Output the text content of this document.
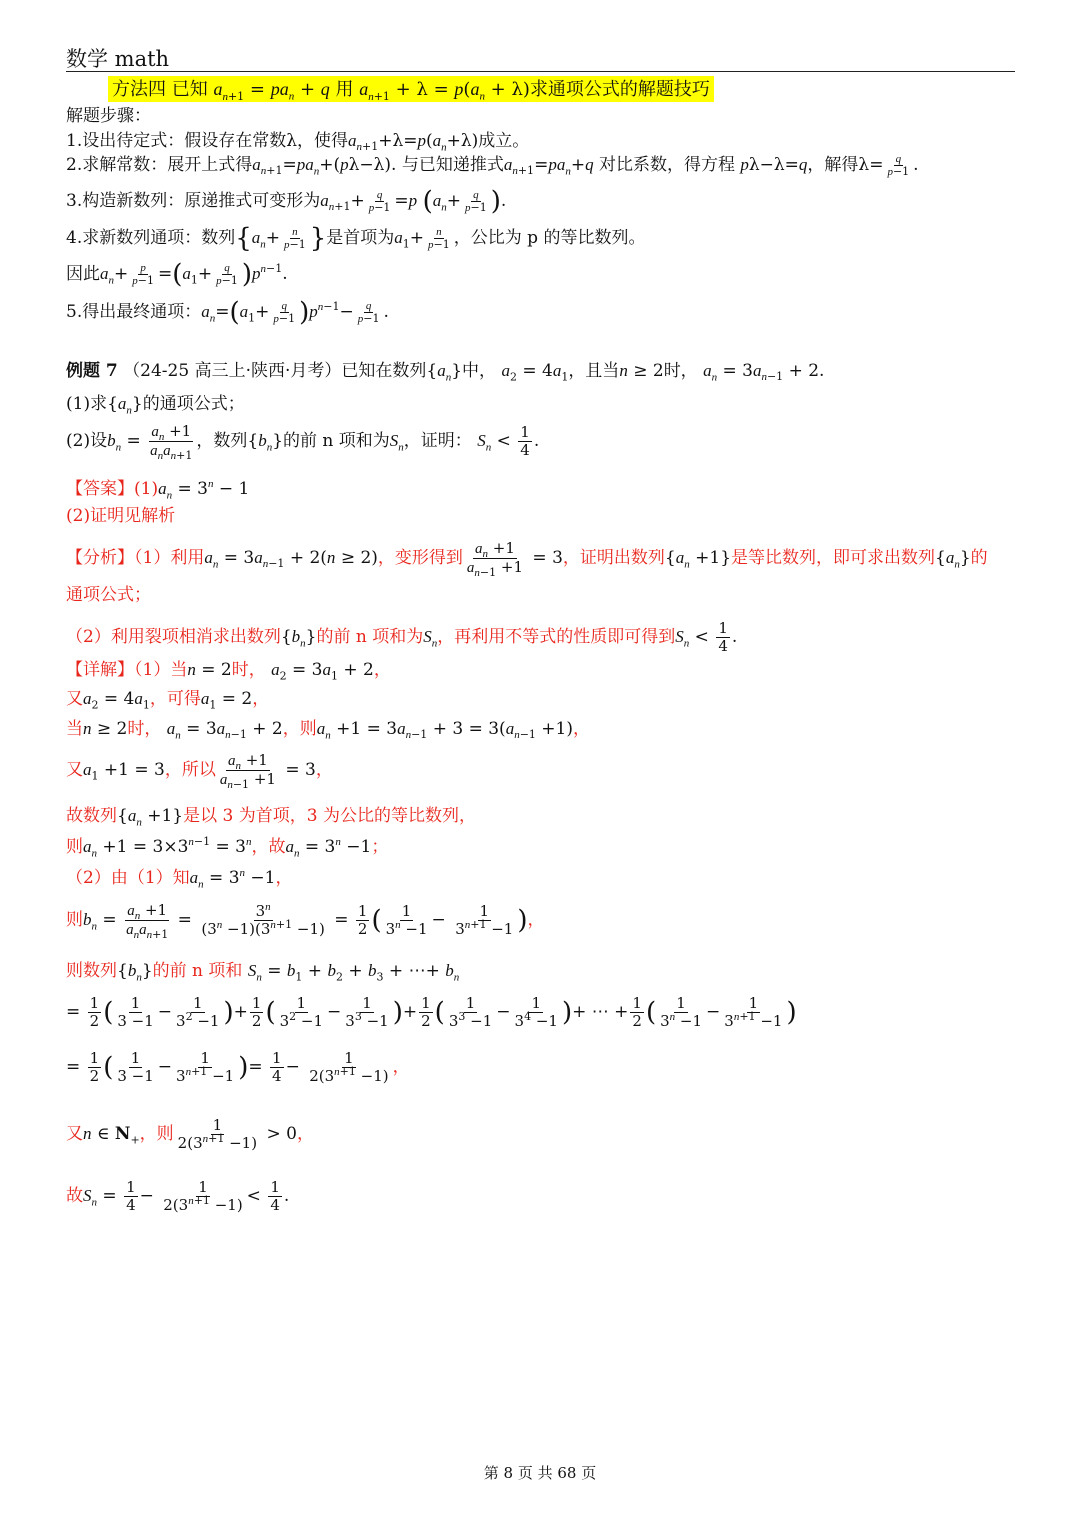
数学 math
方法四 已知 $a_{n+1} = pa_n + q$ 用 $a_{n+1} + \lambda = p(a_n + \lambda)$求通项公式的解题技巧
解题步骤：
1.设出待定式：假设存在常数λ，使得$a_{n+1}+\lambda=p(a_n+\lambda)$成立。
2.求解常数：展开上式得$a_{n+1}=pa_n+(p\lambda-\lambda)$. 与已知递推式$a_{n+1}=pa_n+q$ 对比系数，得方程 pλ−λ=q，解得$\lambda= \frac{q}{p-1}$ .
3.构造新数列：原递推式可变形为$a_{n+1}+ \frac{q}{p-1} =p$ ($a_n+ \frac{q}{p-1}$ ).
4.求新数列通项：数列{$a_n+ \frac{n}{p-1}$ }是首项为$a_1+ \frac{n}{p-1}$ ，公比为 p 的等比数列。
因此$a_n+ \frac{p}{p-1} =(a_1+ \frac{q}{p-1} )p^{n-1}$.
5.得出最终通项：$a_n=(a_1+ \frac{q}{p-1} )p^{n-1}- \frac{q}{p-1}$ .
例题 7 （24-25 高三上·陕西·月考）已知在数列$\{a_n\}$中， $a_2 = 4a_1$，且当n ≥ 2时， $a_n = 3a_{n-1} + 2$.
(1)求$\{a_n\}$的通项公式；
(2)设$b_n = \frac{a_n +1}{a_na_{n+1}}$ ，数列$\{b_n\}$的前 n 项和为$S_n$，证明： $S_n < \frac{1}{4}$ .
【答案】$(1)a_n = 3^n - 1$
(2)证明见解析
【分析】（1）利用$a_n = 3a_{n-1} + 2(n \ge 2)$，变形得到 $\frac{a_n +1}{a_{n-1} +1} = 3$，证明出数列$\{a_n +1\}$是等比数列，即可求出数列$\{a_n\}$的
通项公式；
（2）利用裂项相消求出数列$\{b_n\}$的前 n 项和为$S_n$，再利用不等式的性质即可得到$S_n < \frac{1}{4}$ .
【详解】（1）当n = 2时， $a_2 = 3a_1 + 2$，
又$a_2 = 4a_1$，可得$a_1 = 2$，
当n ≥ 2时， $a_n = 3a_{n-1} + 2$，则$a_n +1 = 3a_{n-1} + 3 = 3(a_{n-1} +1)$，
又$a_1 +1 = 3$，所以 $\frac{a_n +1}{a_{n-1} +1} = 3$，
故数列$\{a_n +1\}$是以 3 为首项，3 为公比的等比数列，
则$a_n +1 = 3\times 3^{n-1} = 3^n$，故$a_n = 3^n -1$；
（2）由（1）知$a_n = 3^n -1$，
则$b_n = \frac{a_n +1}{a_na_{n+1}} = \frac{3^n}{(3^n -1)(3^{n+1} -1)} = \frac{1}{2}$ ( $\frac{1}{3^n -1} - \frac{1}{3^{n+1} -1}$ )，
则数列$\{b_n\}$的前 n 项和 $S_n = b_1 + b_2 + b_3$ + ⋯+ $b_n$
= $\frac{1}{2}$ ( $\frac{1}{3 -1} - \frac{1}{3^2 -1}$ )+ $\frac{1}{2}$ ( $\frac{1}{3^2 -1} - \frac{1}{3^3 -1}$ )+ $\frac{1}{2}$ ( $\frac{1}{3^3 -1} - \frac{1}{3^4 -1}$ )+ ⋯ + $\frac{1}{2}$ ( $\frac{1}{3^n -1} - \frac{1}{3^{n+1} -1}$ )
= $\frac{1}{2}$ ( $\frac{1}{3 -1} - \frac{1}{3^{n+1} -1}$ )= $\frac{1}{4} - \frac{1}{2(3^{n+1} -1)}$ ，
又n ∈ $N_+$，则 $\frac{1}{2(3^{n+1} -1)} > 0$，
故$S_n = \frac{1}{4} - \frac{1}{2(3^{n+1} -1)} < \frac{1}{4}$ .
第 8 页 共 68 页
